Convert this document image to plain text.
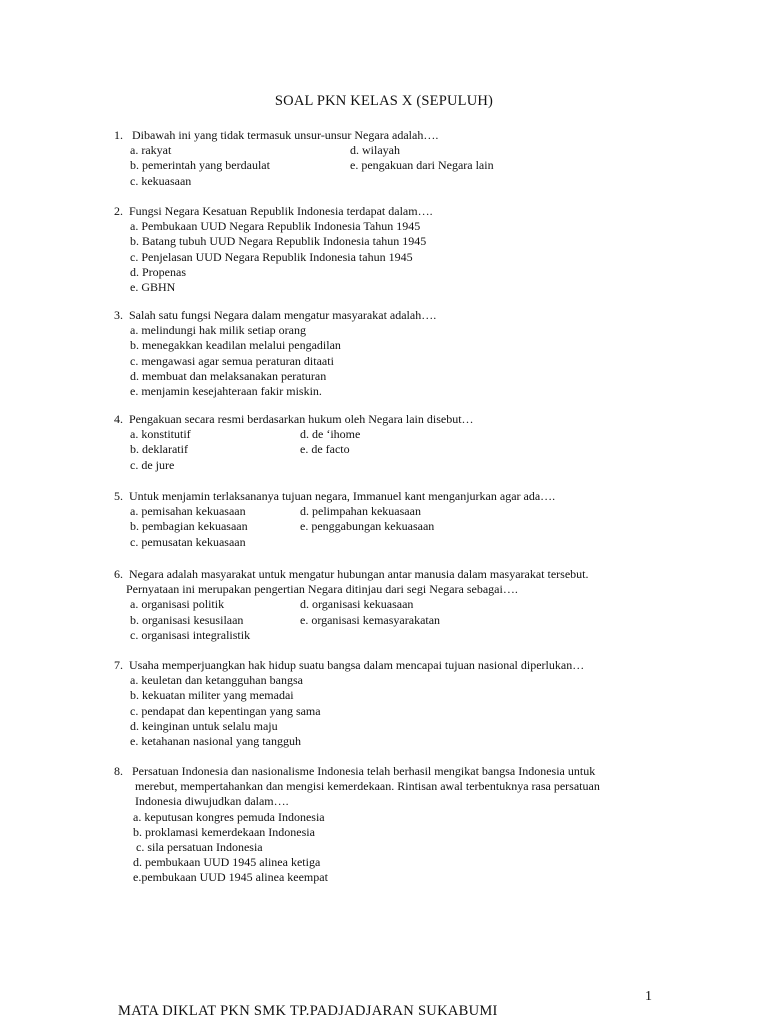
SOAL PKN KELAS X (SEPULUH)
1.   Dibawah ini yang tidak termasuk unsur-unsur Negara adalah….
a. rakyat	d. wilayah
b. pemerintah yang berdaulat	e. pengakuan dari Negara lain
c. kekuasaan
2.  Fungsi Negara Kesatuan Republik Indonesia terdapat dalam….
a. Pembukaan UUD Negara Republik Indonesia Tahun 1945
b. Batang tubuh UUD Negara Republik Indonesia tahun 1945
c. Penjelasan UUD Negara Republik Indonesia tahun 1945
d. Propenas
e. GBHN
3.  Salah satu fungsi Negara dalam mengatur masyarakat adalah….
a. melindungi hak milik setiap orang
b. menegakkan keadilan melalui pengadilan
c. mengawasi agar semua peraturan ditaati
d. membuat dan melaksanakan peraturan
e. menjamin kesejahteraan fakir miskin.
4.  Pengakuan secara resmi berdasarkan hukum oleh Negara lain disebut…
a. konstitutif	d. de ‘ihome
b. deklaratif	e. de facto
c. de jure
5.  Untuk menjamin terlaksananya tujuan negara, Immanuel kant menganjurkan agar ada….
a. pemisahan kekuasaan	d. pelimpahan kekuasaan
b. pembagian kekuasaan	e. penggabungan kekuasaan
c. pemusatan kekuasaan
6.  Negara adalah masyarakat untuk mengatur hubungan antar manusia dalam masyarakat tersebut.
Pernyataan ini merupakan pengertian Negara ditinjau dari segi Negara sebagai….
a. organisasi politik	d. organisasi kekuasaan
b. organisasi kesusilaan	e. organisasi kemasyarakatan
c. organisasi integralistik
7.  Usaha memperjuangkan hak hidup suatu bangsa dalam mencapai tujuan nasional diperlukan…
a. keuletan dan ketangguhan bangsa
b. kekuatan militer yang memadai
c. pendapat dan kepentingan yang sama
d. keinginan untuk selalu maju
e. ketahanan nasional yang tangguh
8.   Persatuan Indonesia dan nasionalisme Indonesia telah berhasil mengikat bangsa Indonesia untuk
merebut, mempertahankan dan mengisi kemerdekaan. Rintisan awal terbentuknya rasa persatuan
Indonesia diwujudkan dalam….
a. keputusan kongres pemuda Indonesia
b. proklamasi kemerdekaan Indonesia
c. sila persatuan Indonesia
d. pembukaan UUD 1945 alinea ketiga
e.pembukaan UUD 1945 alinea keempat
1
MATA DIKLAT PKN SMK TP.PADJADJARAN SUKABUMI
